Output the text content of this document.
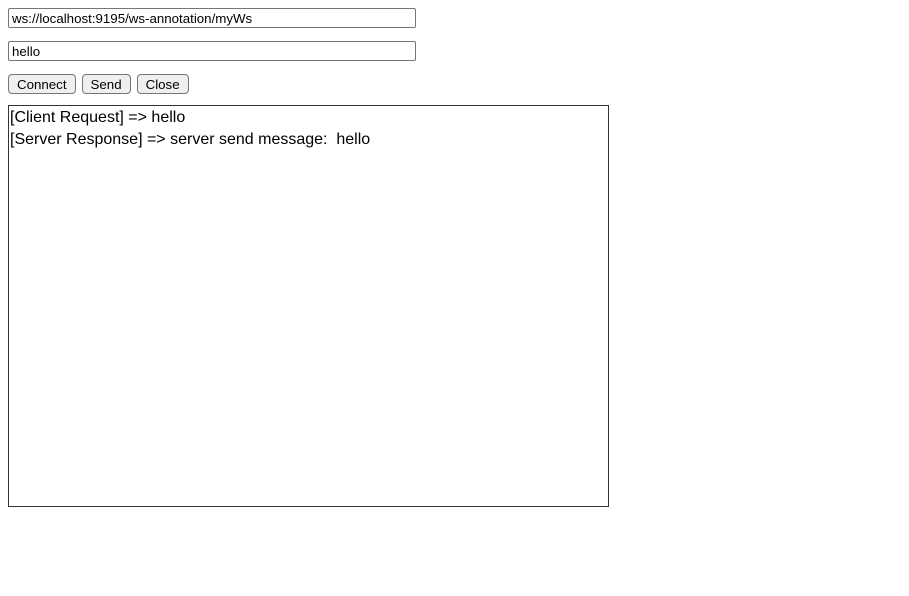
ws://localhost:9195/ws-annotation/myWs
hello
Connect	Send	Close
[Client Request] => hello
[Server Response] => server send message:  hello
